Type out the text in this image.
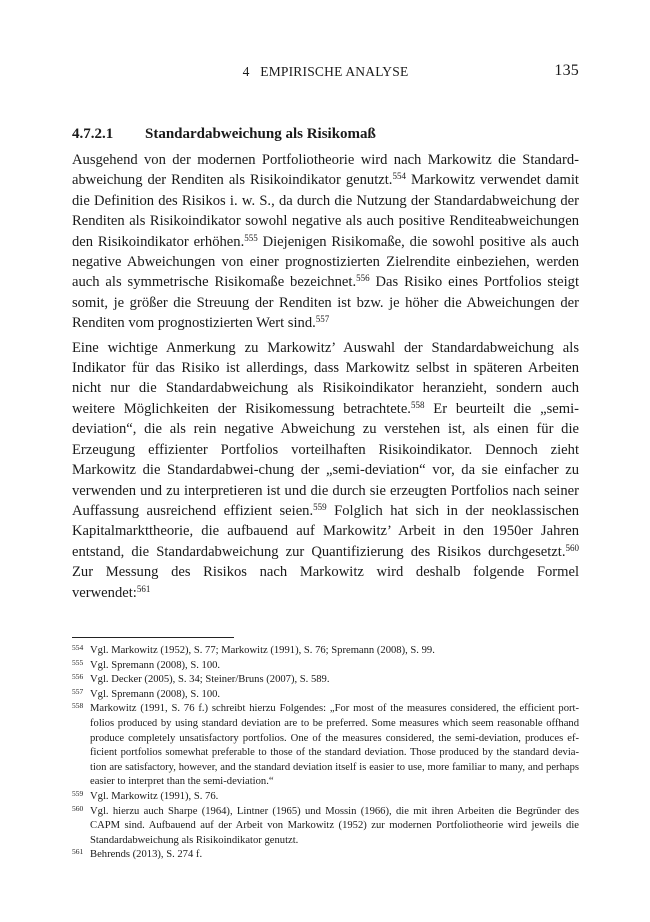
4   EMPIRISCHE ANALYSE	135
4.7.2.1 Standardabweichung als Risikomaß

Ausgehend von der modernen Portfoliotheorie wird nach Markowitz die Standard-abweichung der Renditen als Risikoindikator genutzt.$^{554}$ Markowitz verwendet damit die Definition des Risikos i. w. S., da durch die Nutzung der Standardabweichung der Renditen als Risikoindikator sowohl negative als auch positive Renditeabweichungen den Risikoindikator erhöhen.$^{555}$ Diejenigen Risikomaße, die sowohl positive als auch negative Abweichungen von einer prognostizierten Zielrendite einbeziehen, werden auch als symmetrische Risikomaße bezeichnet.$^{556}$ Das Risiko eines Portfolios steigt somit, je größer die Streuung der Renditen ist bzw. je höher die Abweichungen der Renditen vom prognostizierten Wert sind.$^{557}$

Eine wichtige Anmerkung zu Markowitz’ Auswahl der Standardabweichung als Indikator für das Risiko ist allerdings, dass Markowitz selbst in späteren Arbeiten nicht nur die Standardabweichung als Risikoindikator heranzieht, sondern auch weitere Möglichkeiten der Risikomessung betrachtete.$^{558}$ Er beurteilt die „semi-deviation“, die als rein negative Abweichung zu verstehen ist, als einen für die Erzeugung effizienter Portfolios vorteilhaften Risikoindikator. Dennoch zieht Markowitz die Standardabwei-chung der „semi-deviation“ vor, da sie einfacher zu verwenden und zu interpretieren ist und die durch sie erzeugten Portfolios nach seiner Auffassung ausreichend effizient seien.$^{559}$ Folglich hat sich in der neoklassischen Kapitalmarkttheorie, die aufbauend auf Markowitz’ Arbeit in den 1950er Jahren entstand, die Standardabweichung zur Quantifizierung des Risikos durchgesetzt.$^{560}$ Zur Messung des Risikos nach Markowitz wird deshalb folgende Formel verwendet:$^{561}$

554 Vgl. Markowitz (1952), S. 77; Markowitz (1991), S. 76; Spremann (2008), S. 99.
555 Vgl. Spremann (2008), S. 100.
556 Vgl. Decker (2005), S. 34; Steiner/Bruns (2007), S. 589.
557 Vgl. Spremann (2008), S. 100.
558 Markowitz (1991, S. 76 f.) schreibt hierzu Folgendes: „For most of the measures considered, the efficient port-folios produced by using standard deviation are to be preferred. Some measures which seem reasonable offhand produce completely unsatisfactory portfolios. One of the measures considered, the semi-deviation, produces ef-ficient portfolios somewhat preferable to those of the standard deviation. Those produced by the standard devia-tion are satisfactory, however, and the standard deviation itself is easier to use, more familiar to many, and perhaps easier to interpret than the semi-deviation.“
559 Vgl. Markowitz (1991), S. 76.
560 Vgl. hierzu auch Sharpe (1964), Lintner (1965) und Mossin (1966), die mit ihren Arbeiten die Begründer des CAPM sind. Aufbauend auf der Arbeit von Markowitz (1952) zur modernen Portfoliotheorie wird jeweils die Standardabweichung als Risikoindikator genutzt.
561 Behrends (2013), S. 274 f.
